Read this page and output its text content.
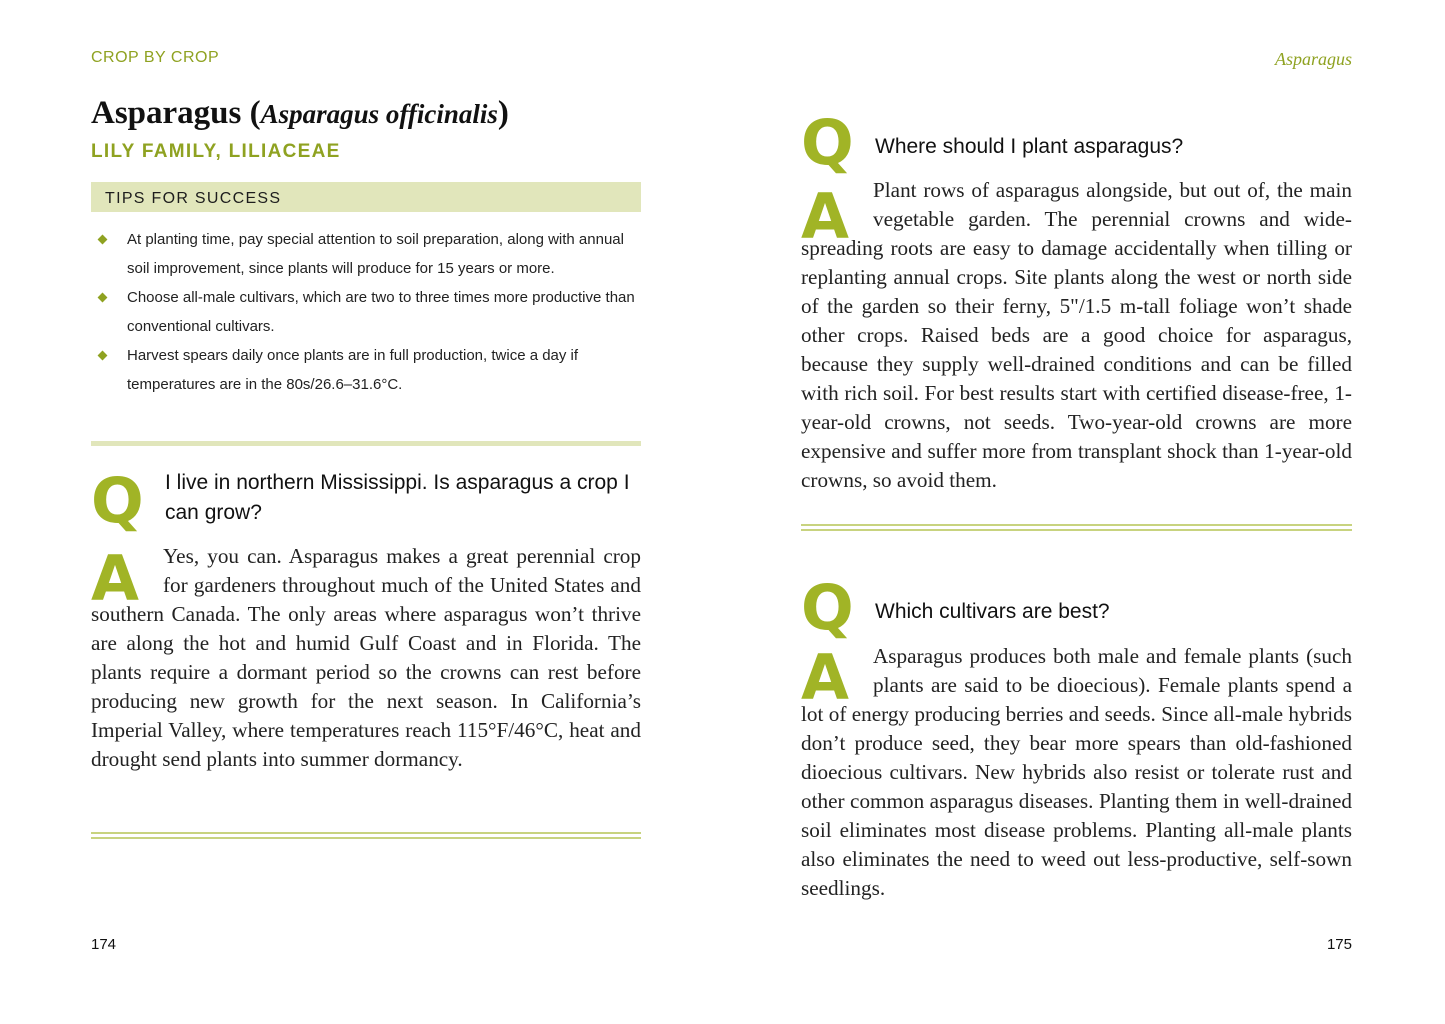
CROP BY CROP
Asparagus (Asparagus officinalis)
LILY FAMILY, LILIACEAE
TIPS FOR SUCCESS
At planting time, pay special attention to soil preparation, along with annual soil improvement, since plants will produce for 15 years or more.
Choose all-male cultivars, which are two to three times more productive than conventional cultivars.
Harvest spears daily once plants are in full production, twice a day if temperatures are in the 80s/26.6–31.6°C.
Q I live in northern Mississippi. Is asparagus a crop I can grow?
A	Yes, you can. Asparagus makes a great perennial crop for gardeners throughout much of the United States and southern Canada. The only areas where asparagus won’t thrive are along the hot and humid Gulf Coast and in Florida. The plants require a dormant period so the crowns can rest before producing new growth for the next season. In California’s Imperial Valley, where temperatures reach 115°F/46°C, heat and drought send plants into summer dormancy.

174
Asparagus
Q Where should I plant asparagus?
A	Plant rows of asparagus alongside, but out of, the main vegetable garden. The perennial crowns and wide-spreading roots are easy to damage accidentally when tilling or replanting annual crops. Site plants along the west or north side of the garden so their ferny, 5"/1.5 m-tall foliage won’t shade other crops. Raised beds are a good choice for asparagus, because they supply well-drained conditions and can be filled with rich soil. For best results start with certified disease-free, 1-year-old crowns, not seeds. Two-year-old crowns are more expensive and suffer more from transplant shock than 1-year-old crowns, so avoid them.

Q Which cultivars are best?
A	Asparagus produces both male and female plants (such plants are said to be dioecious). Female plants spend a lot of energy producing berries and seeds. Since all-male hybrids don’t produce seed, they bear more spears than old-fashioned dioecious cultivars. New hybrids also resist or tolerate rust and other common asparagus diseases. Planting them in well-drained soil eliminates most disease problems. Planting all-male plants also eliminates the need to weed out less-productive, self-sown seedlings.

175
